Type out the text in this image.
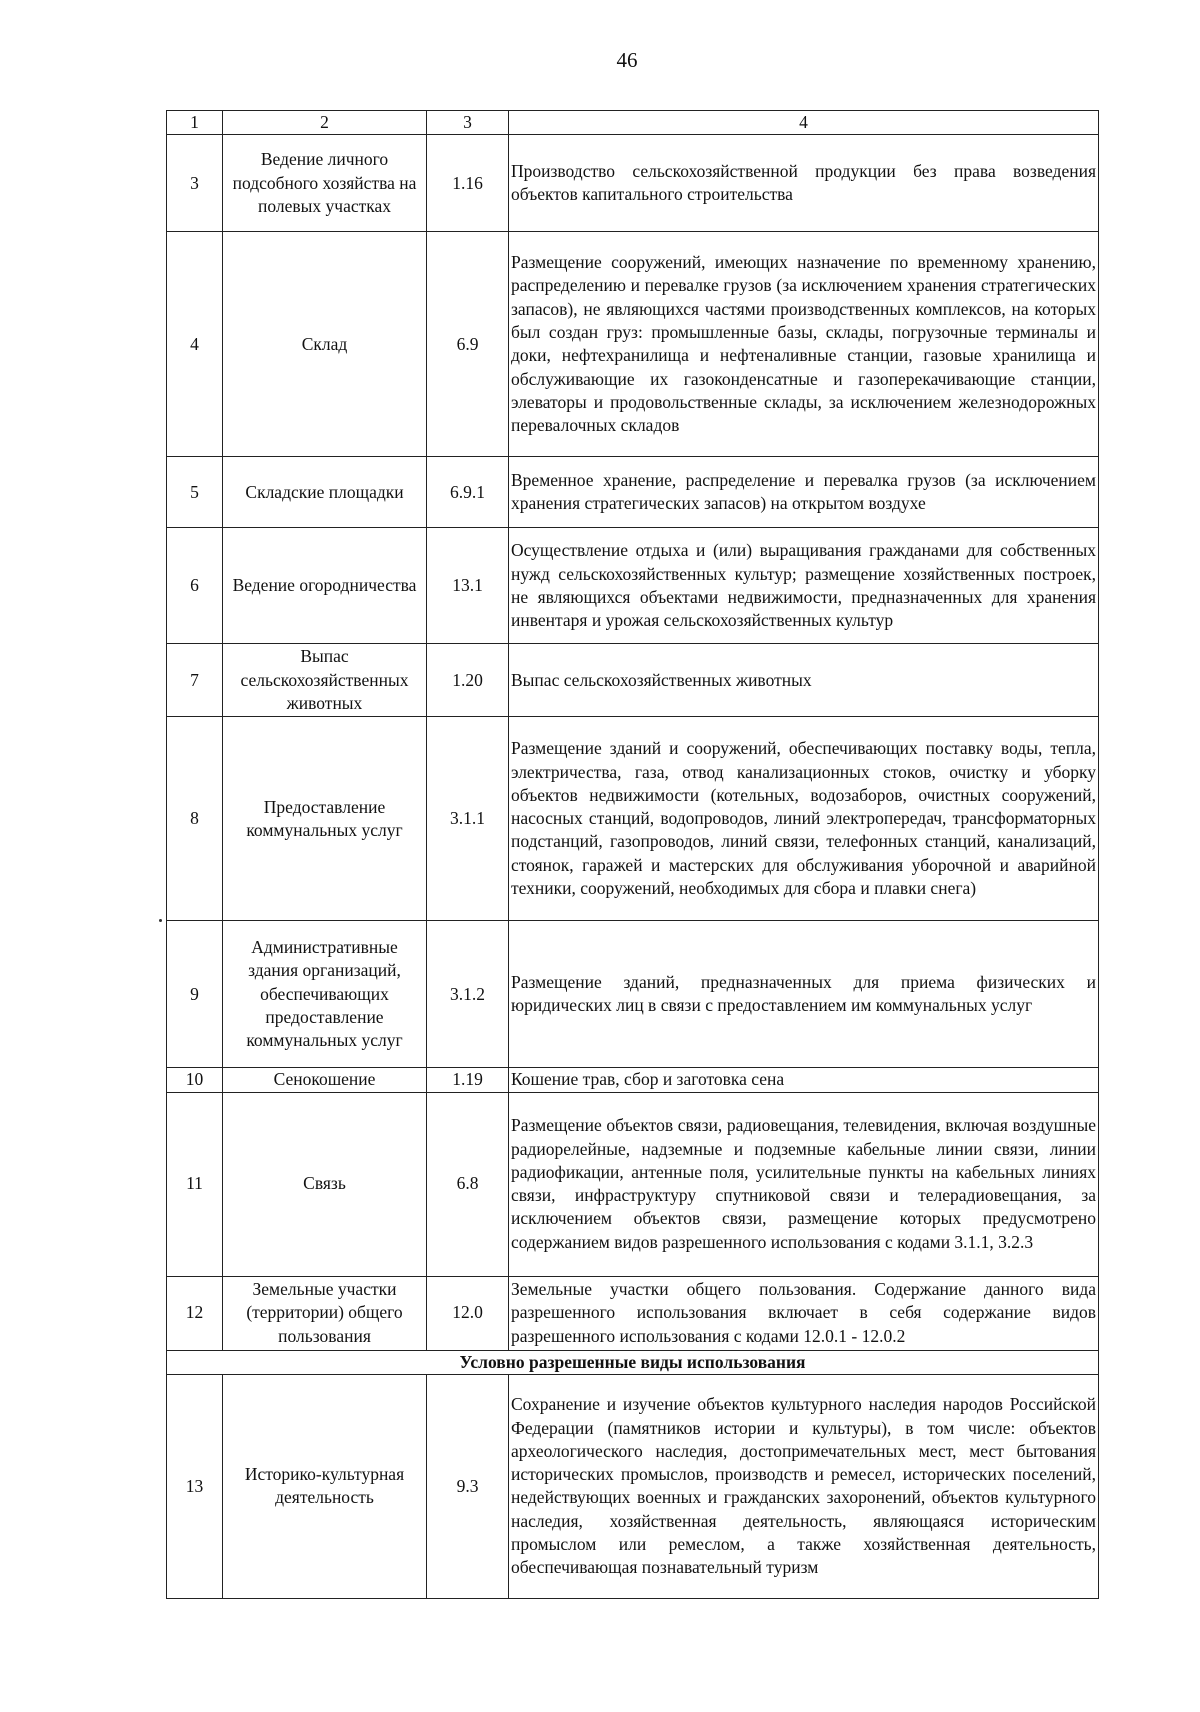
46
1	2	3	4
3	Ведение личного подсобного хозяйства на полевых участках	1.16	Производство сельскохозяйственной продукции без права возведения объектов капитального строительства
4	Склад	6.9	Размещение сооружений, имеющих назначение по временному хранению, распределению и перевалке грузов (за исключением хранения стратегических запасов), не являющихся частями производственных комплексов, на которых был создан груз: промышленные базы, склады, погрузочные терминалы и доки, нефтехранилища и нефтеналивные станции, газовые хранилища и обслуживающие их газоконденсатные и газоперекачивающие станции, элеваторы и продовольственные склады, за исключением железнодорожных перевалочных складов
5	Складские площадки	6.9.1	Временное хранение, распределение и перевалка грузов (за исключением хранения стратегических запасов) на открытом воздухе
6	Ведение огородничества	13.1	Осуществление отдыха и (или) выращивания гражданами для собственных нужд сельскохозяйственных культур; размещение хозяйственных построек, не являющихся объектами недвижимости, предназначенных для хранения инвентаря и урожая сельскохозяйственных культур
7	Выпас сельскохозяйственных животных	1.20	Выпас сельскохозяйственных животных
8	Предоставление коммунальных услуг	3.1.1	Размещение зданий и сооружений, обеспечивающих поставку воды, тепла, электричества, газа, отвод канализационных стоков, очистку и уборку объектов недвижимости (котельных, водозаборов, очистных сооружений, насосных станций, водопроводов, линий электропередач, трансформаторных подстанций, газопроводов, линий связи, телефонных станций, канализаций, стоянок, гаражей и мастерских для обслуживания уборочной и аварийной техники, сооружений, необходимых для сбора и плавки снега)
9	Административные здания организаций, обеспечивающих предоставление коммунальных услуг	3.1.2	Размещение зданий, предназначенных для приема физических и юридических лиц в связи с предоставлением им коммунальных услуг
10	Сенокошение	1.19	Кошение трав, сбор и заготовка сена
11	Связь	6.8	Размещение объектов связи, радиовещания, телевидения, включая воздушные радиорелейные, надземные и подземные кабельные линии связи, линии радиофикации, антенные поля, усилительные пункты на кабельных линиях связи, инфраструктуру спутниковой связи и телерадиовещания, за исключением объектов связи, размещение которых предусмотрено содержанием видов разрешенного использования с кодами 3.1.1, 3.2.3
12	Земельные участки (территории) общего пользования	12.0	Земельные участки общего пользования. Содержание данного вида разрешенного использования включает в себя содержание видов разрешенного использования с кодами 12.0.1 - 12.0.2
Условно разрешенные виды использования			
13	Историко-культурная деятельность	9.3	Сохранение и изучение объектов культурного наследия народов Российской Федерации (памятников истории и культуры), в том числе: объектов археологического наследия, достопримечательных мест, мест бытования исторических промыслов, производств и ремесел, исторических поселений, недействующих военных и гражданских захоронений, объектов культурного наследия, хозяйственная деятельность, являющаяся историческим промыслом или ремеслом, а также хозяйственная деятельность, обеспечивающая познавательный туризм
